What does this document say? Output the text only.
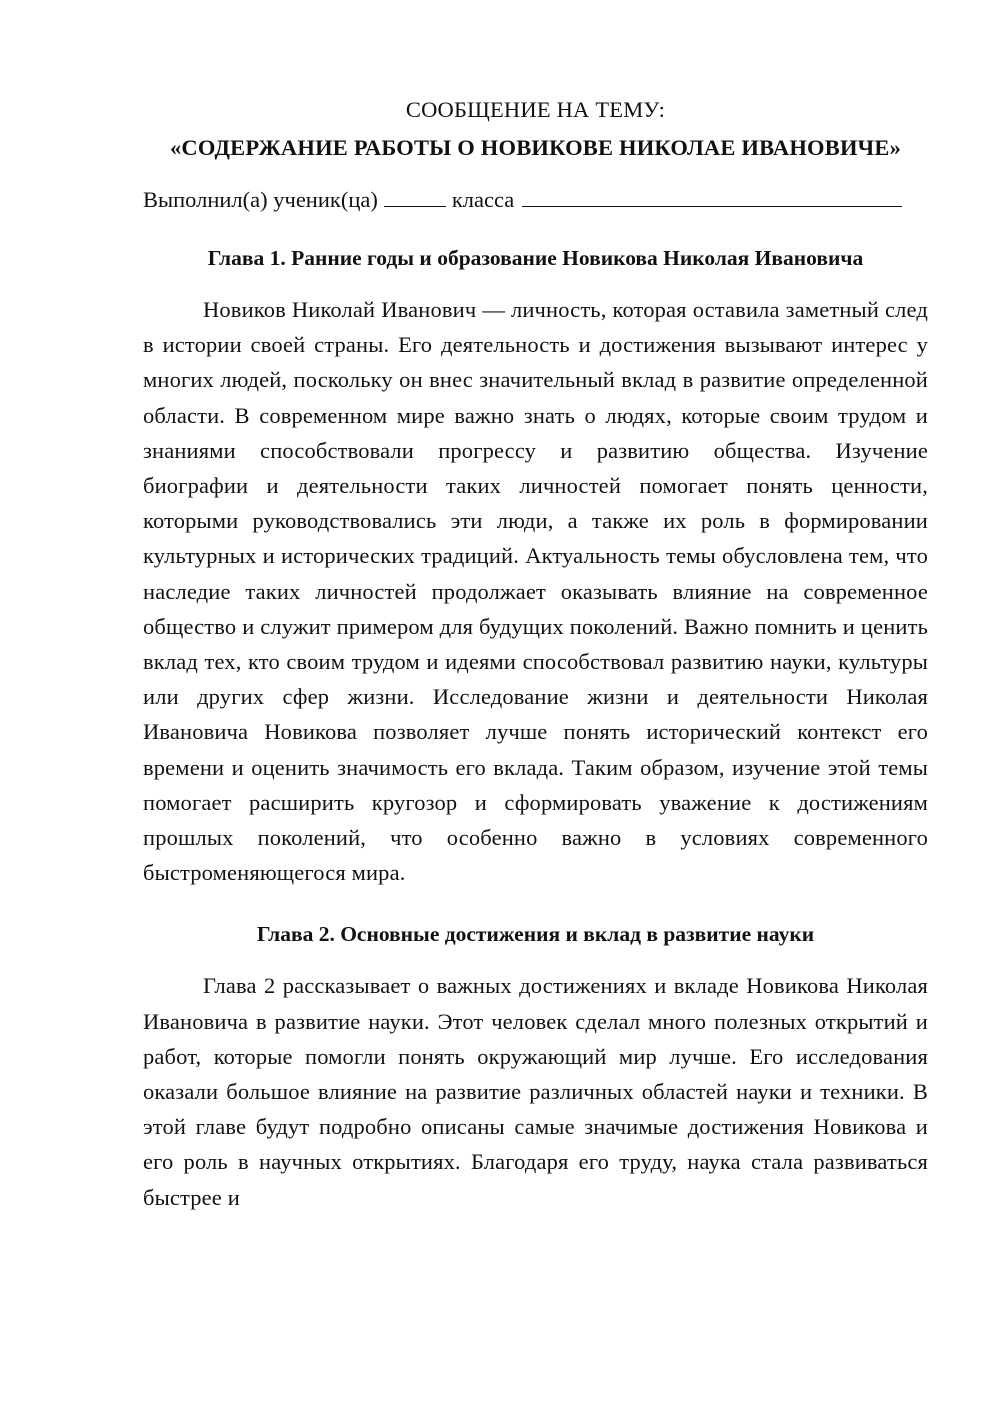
СООБЩЕНИЕ НА ТЕМУ:

«СОДЕРЖАНИЕ РАБОТЫ О НОВИКОВЕ НИКОЛАЕ ИВАНОВИЧЕ»

Выполнил(а) ученик(ца)	класса

Глава 1. Ранние годы и образование Новикова Николая Ивановича

Новиков Николай Иванович — личность, которая оставила заметный след в истории своей страны. Его деятельность и достижения вызывают интерес у многих людей, поскольку он внес значительный вклад в развитие определенной области. В современном мире важно знать о людях, которые своим трудом и знаниями способствовали прогрессу и развитию общества. Изучение биографии и деятельности таких личностей помогает понять ценности, которыми руководствовались эти люди, а также их роль в формировании культурных и исторических традиций. Актуальность темы обусловлена тем, что наследие таких личностей продолжает оказывать влияние на современное общество и служит примером для будущих поколений. Важно помнить и ценить вклад тех, кто своим трудом и идеями способствовал развитию науки, культуры или других сфер жизни. Исследование жизни и деятельности Николая Ивановича Новикова позволяет лучше понять исторический контекст его времени и оценить значимость его вклада. Таким образом, изучение этой темы помогает расширить кругозор и сформировать уважение к достижениям прошлых поколений, что особенно важно в условиях современного быстроменяющегося мира.

Глава 2. Основные достижения и вклад в развитие науки

Глава 2 рассказывает о важных достижениях и вкладе Новикова Николая Ивановича в развитие науки. Этот человек сделал много полезных открытий и работ, которые помогли понять окружающий мир лучше. Его исследования оказали большое влияние на развитие различных областей науки и техники. В этой главе будут подробно описаны самые значимые достижения Новикова и его роль в научных открытиях. Благодаря его труду, наука стала развиваться быстрее и
